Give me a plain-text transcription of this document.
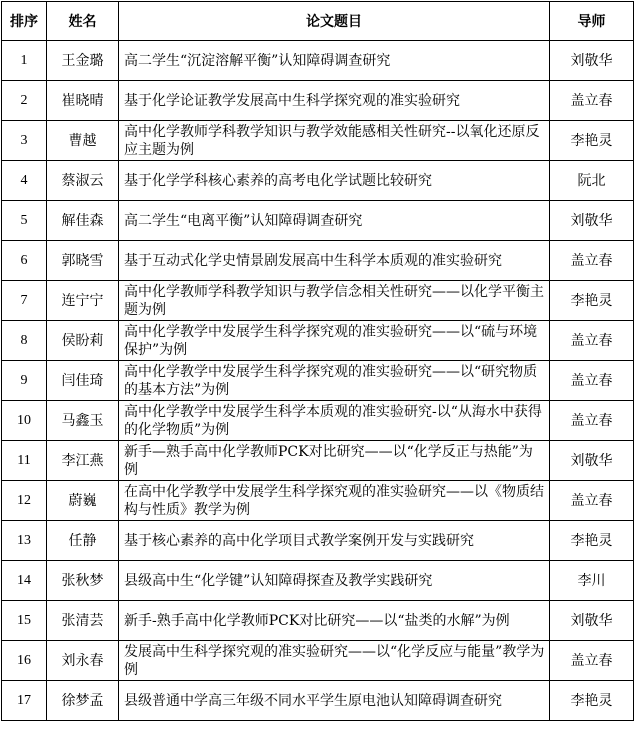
排序	姓名	论文题目	导师
1	王金璐	高二学生“沉淀溶解平衡”认知障碍调查研究	刘敬华
2	崔晓晴	基于化学论证教学发展高中生科学探究观的准实验研究	盖立春
3	曹越	高中化学教师学科教学知识与教学效能感相关性研究--以氧化还原反应主题为例	李艳灵
4	蔡淑云	基于化学学科核心素养的高考电化学试题比较研究	阮北
5	解佳森	高二学生“电离平衡”认知障碍调查研究	刘敬华
6	郭晓雪	基于互动式化学史情景剧发展高中生科学本质观的准实验研究	盖立春
7	连宁宁	高中化学教师学科教学知识与教学信念相关性研究——以化学平衡主题为例	李艳灵
8	侯盼莉	高中化学教学中发展学生科学探究观的准实验研究——以“硫与环境保护”为例	盖立春
9	闫佳琦	高中化学教学中发展学生科学探究观的准实验研究——以“研究物质的基本方法”为例	盖立春
10	马鑫玉	高中化学教学中发展学生科学本质观的准实验研究-以“从海水中获得的化学物质”为例	盖立春
11	李江燕	新手—熟手高中化学教师PCK对比研究——以“化学反正与热能”为例	刘敬华
12	蔚巍	在高中化学教学中发展学生科学探究观的准实验研究——以《物质结构与性质》教学为例	盖立春
13	任静	基于核心素养的高中化学项目式教学案例开发与实践研究	李艳灵
14	张秋梦	县级高中生“化学键”认知障碍探查及教学实践研究	李川
15	张清芸	新手-熟手高中化学教师PCK对比研究——以“盐类的水解”为例	刘敬华
16	刘永春	发展高中生科学探究观的准实验研究——以“化学反应与能量”教学为例	盖立春
17	徐梦孟	县级普通中学高三年级不同水平学生原电池认知障碍调查研究	李艳灵
